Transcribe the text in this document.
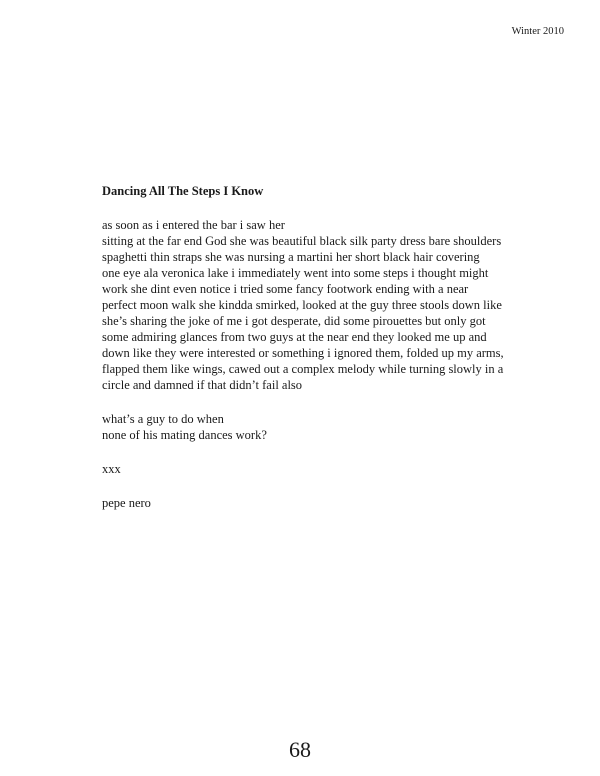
Winter 2010
Dancing All The Steps I Know
as soon as i entered the bar i saw her
sitting at the far end God she was beautiful black silk party dress bare shoulders
spaghetti thin straps she was nursing a martini her short black hair covering
one eye ala veronica lake i immediately went into some steps i thought might
work she dint even notice i tried some fancy footwork ending with a near
perfect moon walk she kindda smirked, looked at the guy three stools down like
she’s sharing the joke of me i got desperate, did some pirouettes but only got
some admiring glances from two guys at the near end they looked me up and
down like they were interested or something i ignored them, folded up my arms,
flapped them like wings, cawed out a complex melody while turning slowly in a
circle and damned if that didn’t fail also
what’s a guy to do when
none of his mating dances work?
xxx
pepe nero
68
